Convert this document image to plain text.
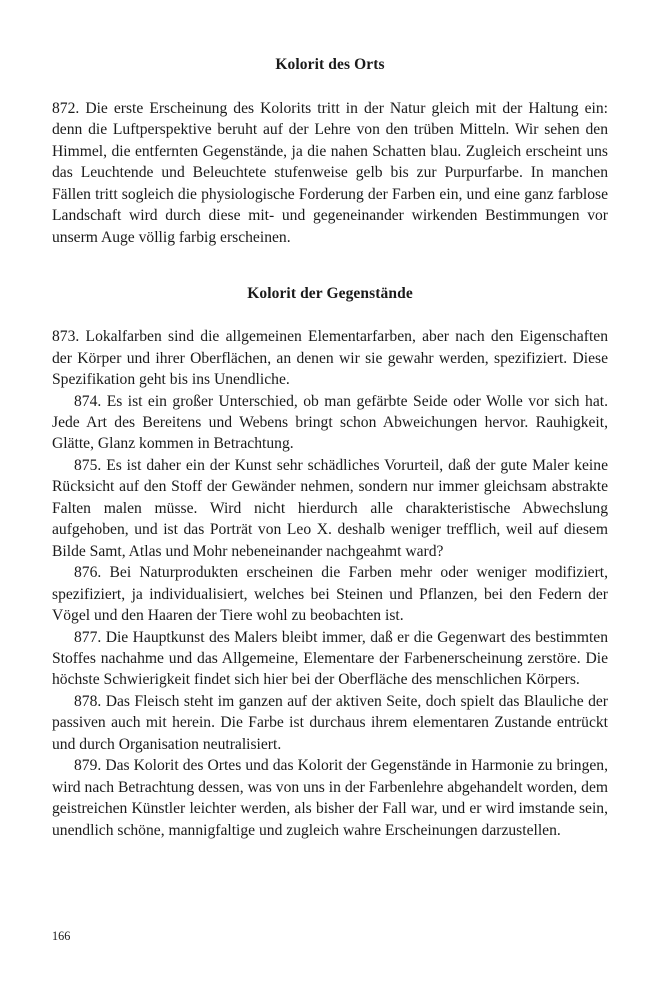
Kolorit des Orts

872. Die erste Erscheinung des Kolorits tritt in der Natur gleich mit der Haltung ein: denn die Luftperspektive beruht auf der Lehre von den trüben Mitteln. Wir sehen den Himmel, die entfernten Gegenstände, ja die nahen Schatten blau. Zugleich erscheint uns das Leuchtende und Beleuchtete stufenweise gelb bis zur Purpurfarbe. In manchen Fällen tritt sogleich die physiologische Forderung der Farben ein, und eine ganz farblose Landschaft wird durch diese mit- und gegeneinander wirkenden Bestimmungen vor unserm Auge völlig farbig erscheinen.

Kolorit der Gegenstände

873. Lokalfarben sind die allgemeinen Elementarfarben, aber nach den Eigenschaften der Körper und ihrer Oberflächen, an denen wir sie gewahr werden, spezifiziert. Diese Spezifikation geht bis ins Unendliche.

874. Es ist ein großer Unterschied, ob man gefärbte Seide oder Wolle vor sich hat. Jede Art des Bereitens und Webens bringt schon Abweichungen hervor. Rauhigkeit, Glätte, Glanz kommen in Betrachtung.

875. Es ist daher ein der Kunst sehr schädliches Vorurteil, daß der gute Maler keine Rücksicht auf den Stoff der Gewänder nehmen, sondern nur immer gleichsam abstrakte Falten malen müsse. Wird nicht hierdurch alle charakteristische Abwechslung aufgehoben, und ist das Porträt von Leo X. deshalb weniger trefflich, weil auf diesem Bilde Samt, Atlas und Mohr nebeneinander nachgeahmt ward?

876. Bei Naturprodukten erscheinen die Farben mehr oder weniger modifiziert, spezifiziert, ja individualisiert, welches bei Steinen und Pflanzen, bei den Federn der Vögel und den Haaren der Tiere wohl zu beobachten ist.

877. Die Hauptkunst des Malers bleibt immer, daß er die Gegenwart des bestimmten Stoffes nachahme und das Allgemeine, Elementare der Farbenerscheinung zerstöre. Die höchste Schwierigkeit findet sich hier bei der Oberfläche des menschlichen Körpers.

878. Das Fleisch steht im ganzen auf der aktiven Seite, doch spielt das Blauliche der passiven auch mit herein. Die Farbe ist durchaus ihrem elementaren Zustande entrückt und durch Organisation neutralisiert.

879. Das Kolorit des Ortes und das Kolorit der Gegenstände in Harmonie zu bringen, wird nach Betrachtung dessen, was von uns in der Farbenlehre abgehandelt worden, dem geistreichen Künstler leichter werden, als bisher der Fall war, und er wird imstande sein, unendlich schöne, mannigfaltige und zugleich wahre Erscheinungen darzustellen.

166
